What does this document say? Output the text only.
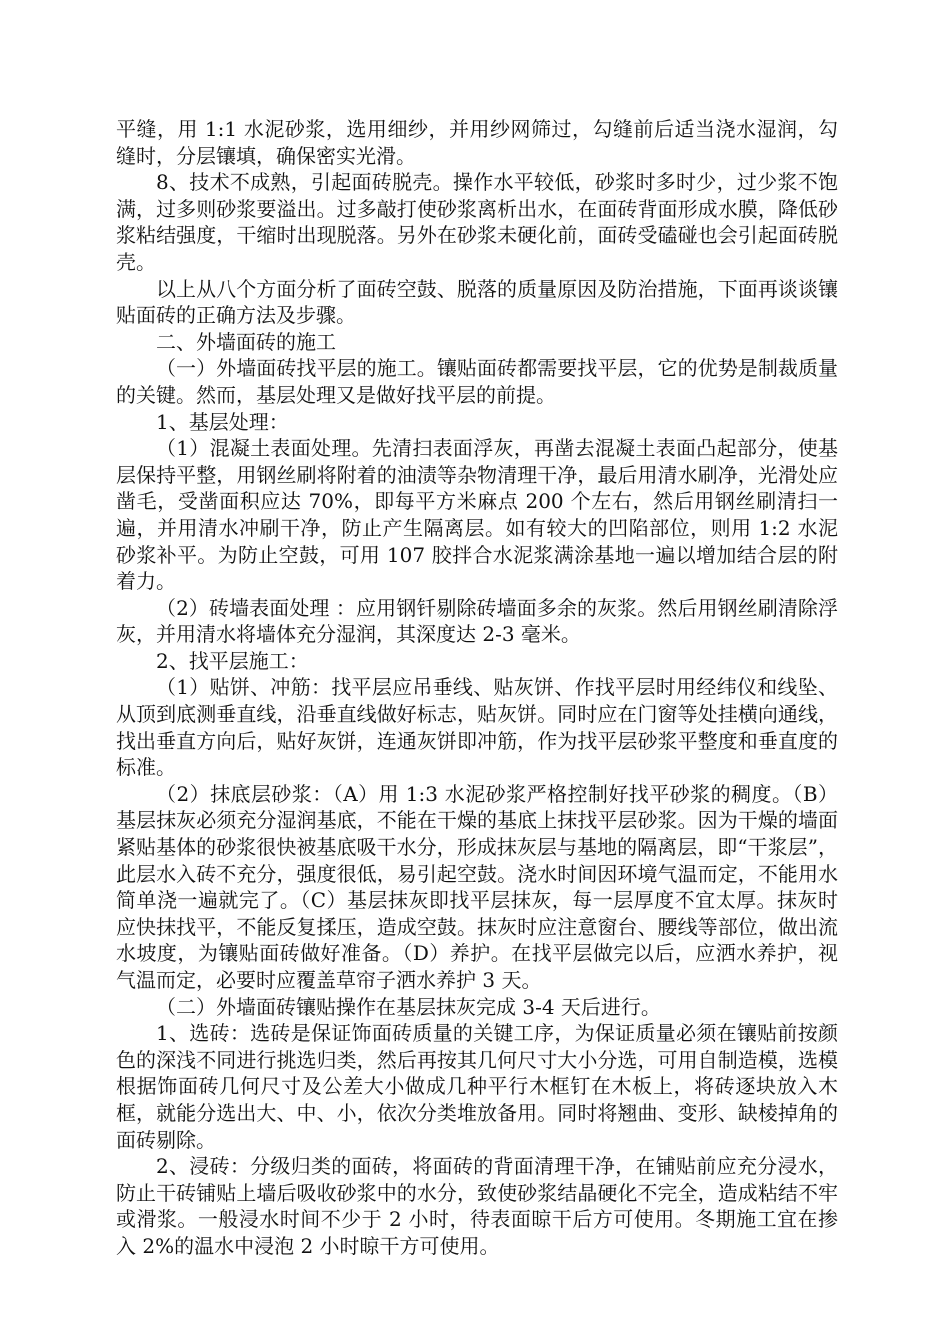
平缝，用 1:1 水泥砂浆，选用细纱，并用纱网筛过，勾缝前后适当浇水湿润，勾缝时，分层镶填，确保密实光滑。

8、技术不成熟，引起面砖脱壳。操作水平较低，砂浆时多时少，过少浆不饱满，过多则砂浆要溢出。过多敲打使砂浆离析出水，在面砖背面形成水膜，降低砂浆粘结强度，干缩时出现脱落。另外在砂浆未硬化前，面砖受磕碰也会引起面砖脱壳。

以上从八个方面分析了面砖空鼓、脱落的质量原因及防治措施，下面再谈谈镶贴面砖的正确方法及步骤。

二、外墙面砖的施工

（一）外墙面砖找平层的施工。镶贴面砖都需要找平层，它的优势是制裁质量的关键。然而，基层处理又是做好找平层的前提。

1、基层处理：

（1）混凝土表面处理。先清扫表面浮灰，再凿去混凝土表面凸起部分，使基层保持平整，用钢丝刷将附着的油渍等杂物清理干净，最后用清水刷净，光滑处应凿毛，受凿面积应达 70%，即每平方米麻点 200 个左右，然后用钢丝刷清扫一遍，并用清水冲刷干净，防止产生隔离层。如有较大的凹陷部位，则用 1:2 水泥砂浆补平。为防止空鼓，可用 107 胶拌合水泥浆满涂基地一遍以增加结合层的附着力。

（2）砖墙表面处理 ：应用钢钎剔除砖墙面多余的灰浆。然后用钢丝刷清除浮灰，并用清水将墙体充分湿润，其深度达 2-3 毫米。

2、找平层施工：

（1）贴饼、冲筋：找平层应吊垂线、贴灰饼、作找平层时用经纬仪和线坠、从顶到底测垂直线，沿垂直线做好标志，贴灰饼。同时应在门窗等处挂横向通线，找出垂直方向后，贴好灰饼，连通灰饼即冲筋，作为找平层砂浆平整度和垂直度的标准。

（2）抹底层砂浆：（A）用 1:3 水泥砂浆严格控制好找平砂浆的稠度。（B）基层抹灰必须充分湿润基底，不能在干燥的基底上抹找平层砂浆。因为干燥的墙面紧贴基体的砂浆很快被基底吸干水分，形成抹灰层与基地的隔离层，即“干浆层”，此层水入砖不充分，强度很低，易引起空鼓。浇水时间因环境气温而定，不能用水简单浇一遍就完了。（C）基层抹灰即找平层抹灰，每一层厚度不宜太厚。抹灰时应快抹找平，不能反复揉压，造成空鼓。抹灰时应注意窗台、腰线等部位，做出流水坡度，为镶贴面砖做好准备。（D）养护。在找平层做完以后，应洒水养护，视气温而定，必要时应覆盖草帘子洒水养护 3 天。

（二）外墙面砖镶贴操作在基层抹灰完成 3-4 天后进行。

1、选砖：选砖是保证饰面砖质量的关键工序，为保证质量必须在镶贴前按颜色的深浅不同进行挑选归类，然后再按其几何尺寸大小分选，可用自制造模，选模根据饰面砖几何尺寸及公差大小做成几种平行木框钉在木板上，将砖逐块放入木框，就能分选出大、中、小，依次分类堆放备用。同时将翘曲、变形、缺棱掉角的面砖剔除。

2、浸砖：分级归类的面砖，将面砖的背面清理干净，在铺贴前应充分浸水，防止干砖铺贴上墙后吸收砂浆中的水分，致使砂浆结晶硬化不完全，造成粘结不牢或滑浆。一般浸水时间不少于 2 小时，待表面晾干后方可使用。冬期施工宜在掺入 2%的温水中浸泡 2 小时晾干方可使用。
